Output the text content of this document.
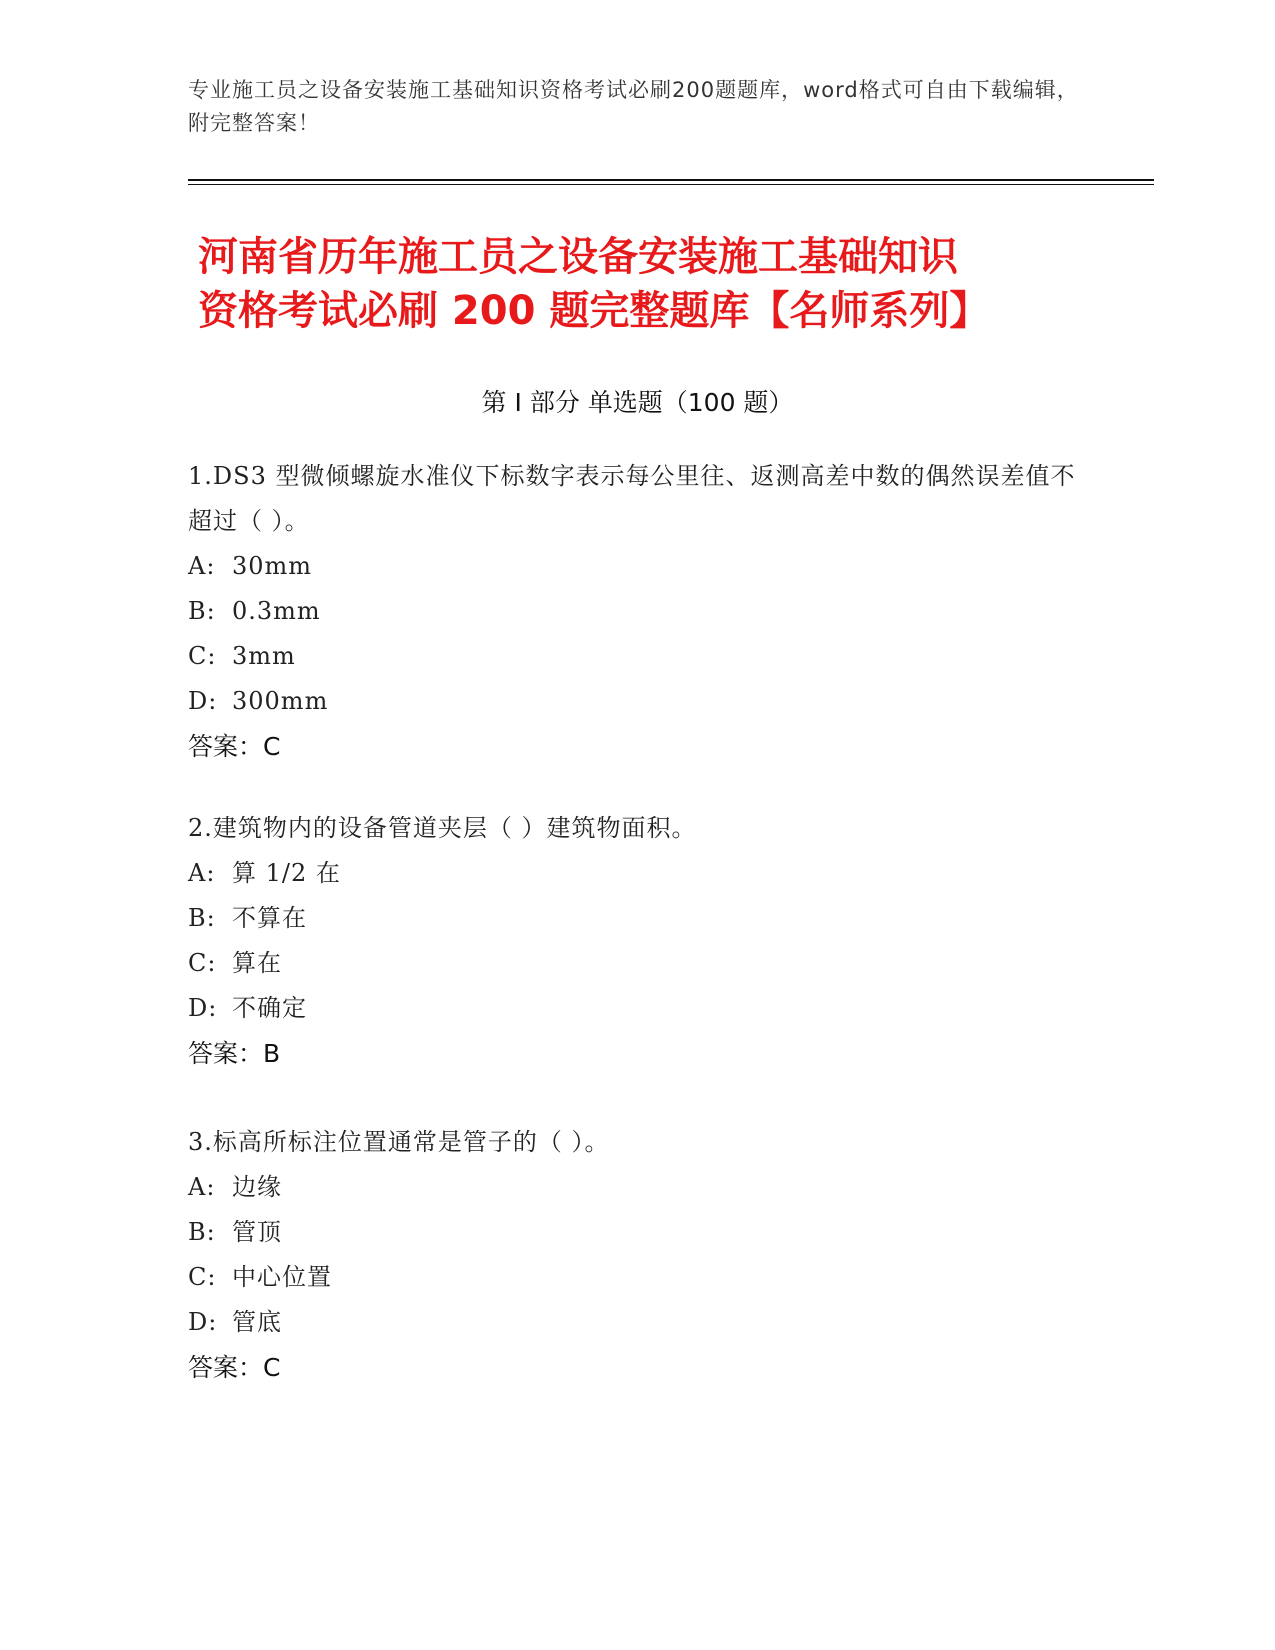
专业施工员之设备安装施工基础知识资格考试必刷200题题库，word格式可自由下载编辑，附完整答案！
河南省历年施工员之设备安装施工基础知识
资格考试必刷 200 题完整题库【名师系列】
第 I 部分 单选题（100 题）
1.DS3 型微倾螺旋水准仪下标数字表示每公里往、返测高差中数的偶然误差值不超过（ ）。
A: 30mm
B: 0.3mm
C: 3mm
D: 300mm
答案：C
2.建筑物内的设备管道夹层（ ）建筑物面积。
A: 算 1/2 在
B: 不算在
C: 算在
D: 不确定
答案：B
3.标高所标注位置通常是管子的（ ）。
A: 边缘
B: 管顶
C: 中心位置
D: 管底
答案：C
